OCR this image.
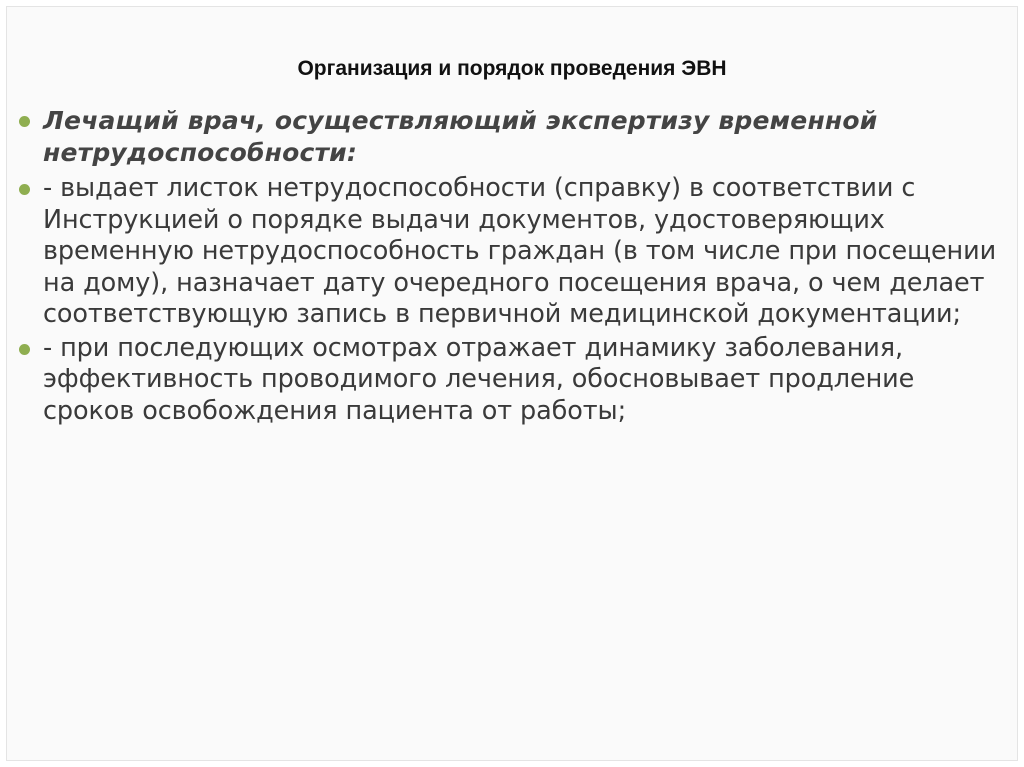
Организация и порядок проведения ЭВН
Лечащий врач, осуществляющий экспертизу временной нетрудоспособности:
- выдает листок нетрудоспособности (справку) в соответствии с Инструкцией о порядке выдачи документов, удостоверяющих временную нетрудоспособность граждан (в том числе при посещении на дому), назначает дату очередного посещения врача, о чем делает соответствующую запись в первичной медицинской документации;
- при последующих осмотрах отражает динамику заболевания, эффективность проводимого лечения, обосновывает продление сроков освобождения пациента от работы;
